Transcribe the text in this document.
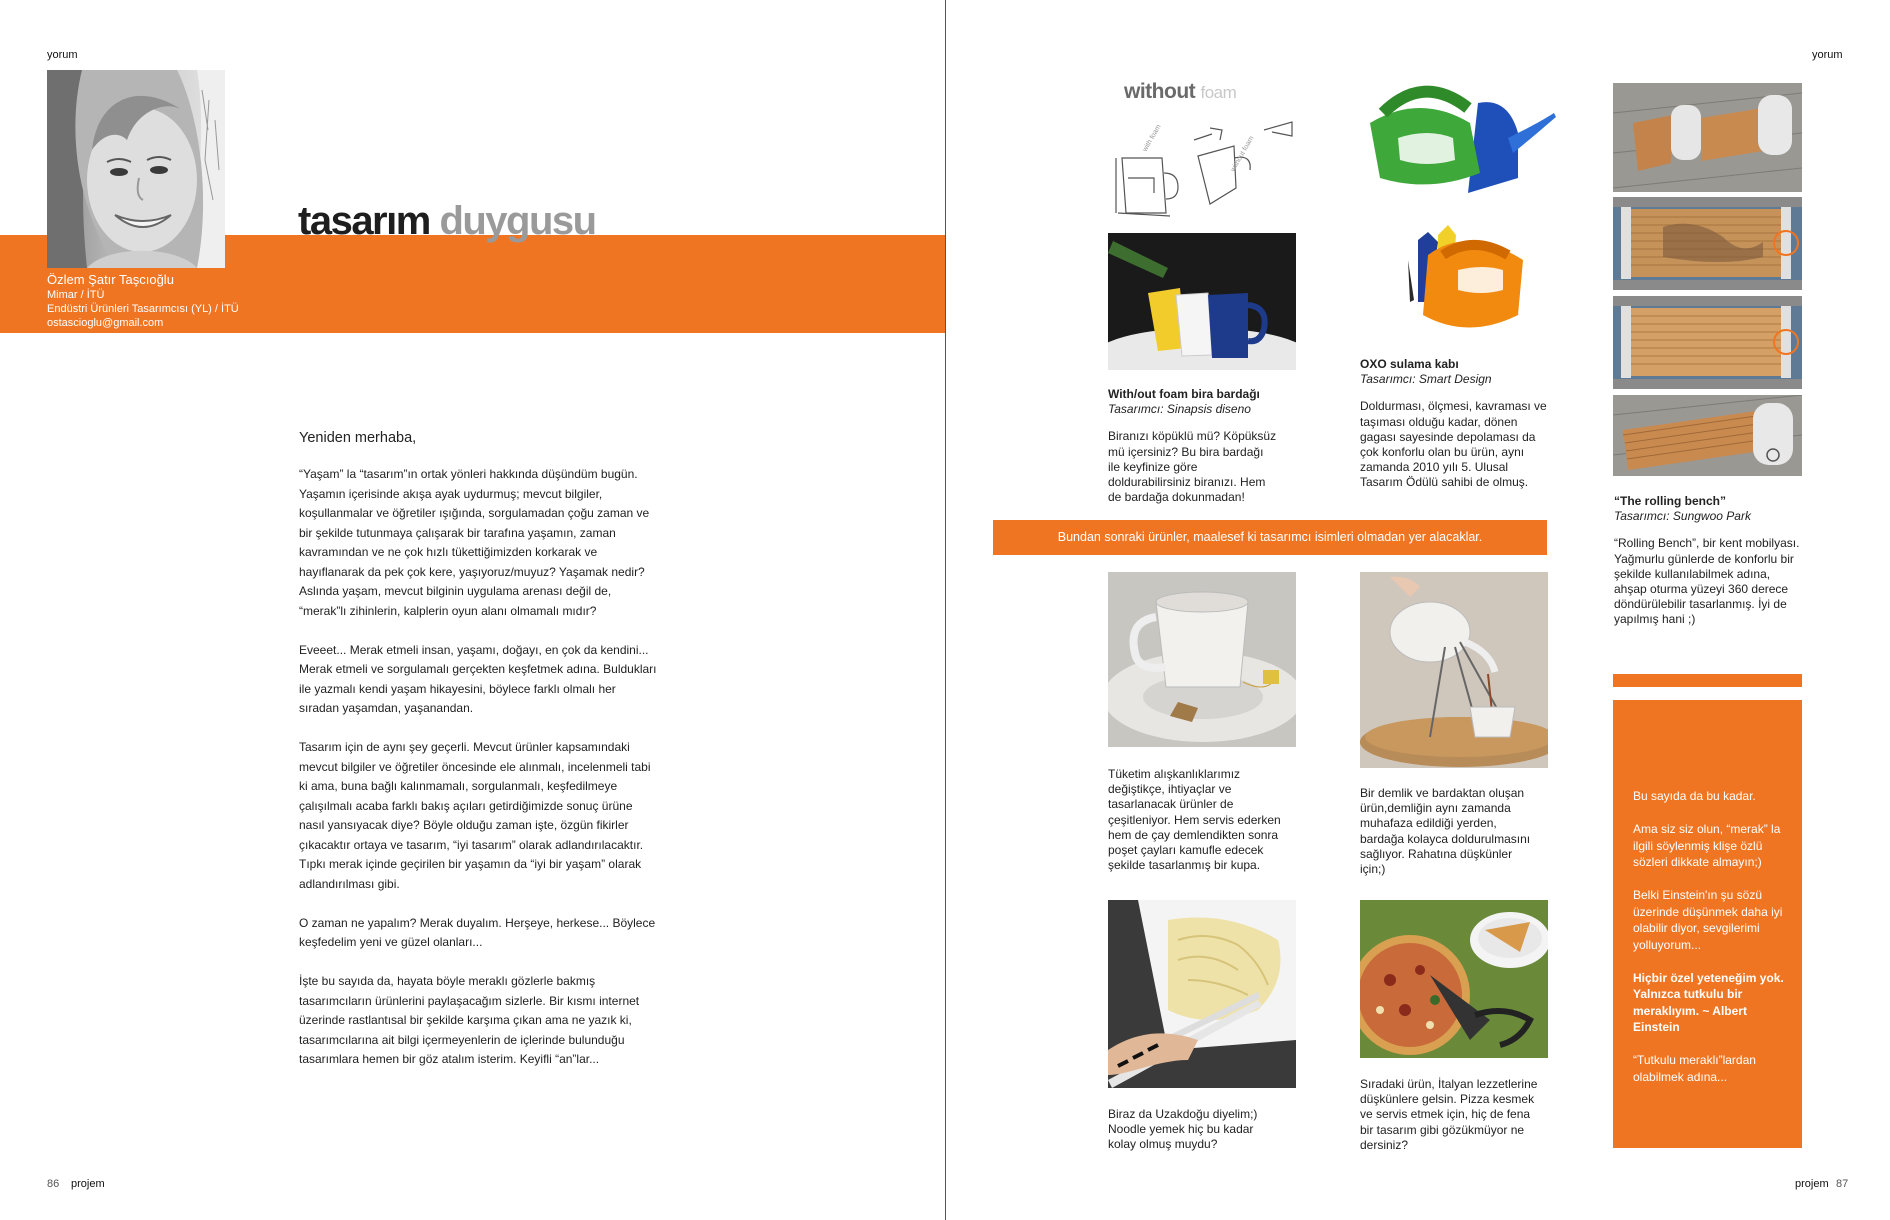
yorum
tasarım duygusu
Özlem Şatır Taşcıoğlu
Mimar / İTÜ
Endüstri Ürünleri Tasarımcısı (YL) / İTÜ
ostascioglu@gmail.com
Yeniden merhaba,

“Yaşam” la “tasarım”ın ortak yönleri hakkında düşündüm bugün. Yaşamın içerisinde akışa ayak uydurmuş; mevcut bilgiler, koşullanmalar ve öğretiler ışığında, sorgulamadan çoğu zaman ve bir şekilde tutunmaya çalışarak bir tarafına yaşamın, zaman kavramından ve ne çok hızlı tükettiğimizden korkarak ve hayıflanarak da pek çok kere, yaşıyoruz/muyuz? Yaşamak nedir? Aslında yaşam, mevcut bilginin uygulama arenası değil de, “merak”lı zihinlerin, kalplerin oyun alanı olmamalı mıdır?

Eveeet... Merak etmeli insan, yaşamı, doğayı, en çok da kendini... Merak etmeli ve sorgulamalı gerçekten keşfetmek adına. Buldukları ile yazmalı kendi yaşam hikayesini, böylece farklı olmalı her sıradan yaşamdan, yaşanandan.

Tasarım için de aynı şey geçerli. Mevcut ürünler kapsamındaki mevcut bilgiler ve öğretiler öncesinde ele alınmalı, incelenmeli tabi ki ama, buna bağlı kalınmamalı, sorgulanmalı, keşfedilmeye çalışılmalı acaba farklı bakış açıları getirdiğimizde sonuç ürüne nasıl yansıyacak diye? Böyle olduğu zaman işte, özgün fikirler çıkacaktır ortaya ve tasarım, “iyi tasarım” olarak adlandırılacaktır. Tıpkı merak içinde geçirilen bir yaşamın da “iyi bir yaşam” olarak adlandırılması gibi.

O zaman ne yapalım? Merak duyalım. Herşeye, herkese... Böylece keşfedelim yeni ve güzel olanları...

İşte bu sayıda da, hayata böyle meraklı gözlerle bakmış tasarımcıların ürünlerini paylaşacağım sizlerle. Bir kısmı internet üzerinde rastlantısal bir şekilde karşıma çıkan ama ne yazık ki, tasarımcılarına ait bilgi içermeyenlerin de içlerinde bulunduğu tasarımlara hemen bir göz atalım isterim. Keyifli “an”lar...

86 projem
yorum
without foam
with foam	without foam
With/out foam bira bardağı
Tasarımcı: Sinapsis diseno
Biranızı köpüklü mü? Köpüksüz mü içersiniz? Bu bira bardağı ile keyfinize göre doldurabilirsiniz biranızı. Hem de bardağa dokunmadan!
OXO sulama kabı
Tasarımcı: Smart Design
Doldurması, ölçmesi, kavraması ve taşıması olduğu kadar, dönen gagası sayesinde depolaması da çok konforlu olan bu ürün, aynı zamanda 2010 yılı 5. Ulusal Tasarım Ödülü sahibi de olmuş.
“The rolling bench”
Tasarımcı: Sungwoo Park
“Rolling Bench”, bir kent mobilyası. Yağmurlu günlerde de konforlu bir şekilde kullanılabilmek adına, ahşap oturma yüzeyi 360 derece döndürülebilir tasarlanmış. İyi de yapılmış hani ;)
Bundan sonraki ürünler, maalesef ki tasarımcı isimleri olmadan yer alacaklar.
Tüketim alışkanlıklarımız değiştikçe, ihtiyaçlar ve tasarlanacak ürünler de çeşitleniyor. Hem servis ederken hem de çay demlendikten sonra poşet çayları kamufle edecek şekilde tasarlanmış bir kupa.
Bir demlik ve bardaktan oluşan ürün,demliğin aynı zamanda muhafaza edildiği yerden, bardağa kolayca doldurulmasını sağlıyor. Rahatına düşkünler için;)
Biraz da Uzakdoğu diyelim;) Noodle yemek hiç bu kadar kolay olmuş muydu?
Sıradaki ürün, İtalyan lezzetlerine düşkünlere gelsin. Pizza kesmek ve servis etmek için, hiç de fena bir tasarım gibi gözükmüyor ne dersiniz?

Bu sayıda da bu kadar.

Ama siz siz olun, “merak” la ilgili söylenmiş klişe özlü sözleri dikkate almayın;)

Belki Einstein'ın şu sözü üzerinde düşünmek daha iyi olabilir diyor, sevgilerimi yolluyorum...

Hiçbir özel yeteneğim yok. Yalnızca tutkulu bir meraklıyım. ~ Albert Einstein

“Tutkulu meraklı”lardan olabilmek adına...

projem 87
